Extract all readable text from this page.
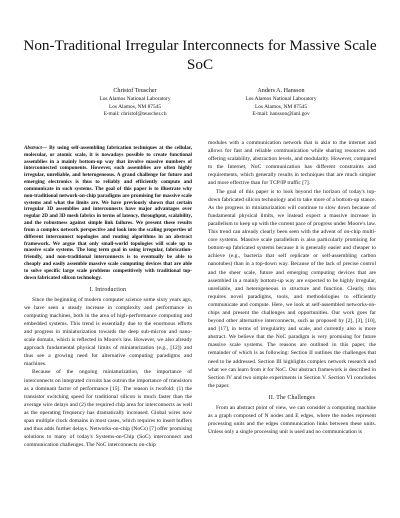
Non-Traditional Irregular Interconnects for Massive Scale SoC
Christof Teuscher
Los Alamos National Laboratory
Los Alamos, NM 87545
E-mail: christof@teuscher.ch
Anders A. Hansson
Los Alamos National Laboratory
Los Alamos, NM 87545
E-mail: hansson@lanl.gov

Abstract— By using self-assembling fabrication techniques at the cellular, molecular, or atomic scale, it is nowadays possible to create functional assemblies in a mainly bottom-up way that involve massive numbers of interconnected components. However, such assemblies are often highly irregular, unreliable, and heterogeneous. A grand challenge for future and emerging electronics is thus to reliably and efficiently compute and communicate in such systems. The goal of this paper is to illustrate why non-traditional network-on-chip paradigms are promising for massive scale systems and what the limits are. We have previously shown that certain irregular 3D assemblies and interconnects have major advantages over regular 2D and 3D mesh fabrics in terms of latency, throughput, scalability, and the robustness against simple link failures. We present these results from a complex network perspective and look into the scaling properties of different interconnect topologies and routing algorithms in an abstract framework. We argue that only small-world topologies will scale up to massive scale systems. The long term goal in using irregular, fabrication-friendly, and non-traditional interconnects is to eventually be able to cheaply and easily assemble massive scale computing devices that are able to solve specific large scale problems competitively with traditional top-down fabricated silicon technology.

I. Introduction

Since the beginning of modern computer science some sixty years ago, we have seen a steady increase in complexity and performance in computing machines, both in the area of high-performance computing and embedded systems. This trend is essentially due to the enormous efforts and progress in miniaturization towards the deep sub-micron and nano-scale domain, which is reflected in Moore's law. However, we also already approach fundamental physical limits of miniaturization (e.g., [12]) and thus see a growing need for alternative computing paradigms and machines.

Because of the ongoing miniaturization, the importance of interconnects on integrated circuits has outrun the importance of transistors as a dominant factor of performance [15]. The reason is twofold: (1) the transistor switching speed for traditional silicon is much faster than the average wire delays and (2) the required chip area for interconnects as well as the operating frequency has dramatically increased. Global wires now span multiple clock domains in most cases, which requires to insert buffers and thus adds further delays. Networks-on-chip (NoCs) [7] offer promising solutions to many of today's Systems-on-Chip (SoC) interconnect and communication challenges. The NoC interconnects on-chip

modules with a communication network that is akin to the internet and allows for fast and reliable communication while sharing resources and offering scalability, abstraction levels, and modularity. However, compared to the Internet, NoC communication has different constraints and requirements, which generally results in techniques that are much simpler and more effective than for TCP/IP traffic [7].

The goal of this paper is to look beyond the horizon of today's top-down fabricated silicon technology and to take more of a bottom-up stance. As the progress in miniaturization will continue to slow down because of fundamental physical limits, we instead expect a massive increase in parallelism to keep up with the current pace of progress under Moore's law. This trend can already clearly been seen with the advent of on-chip multi-core systems. Massive scale parallelism is also particularly promising for bottom-up fabricated systems because it is generally easier and cheaper to achieve (e.g., bacteria that self replicate or self-assembling carbon nanotubes) than in a top-down way. Because of the lack of precise control and the sheer scale, future and emerging computing devices that are assembled in a mainly bottom-up way are expected to be highly irregular, unreliable, and heterogeneous in structure and function. Clearly, this requires novel paradigms, tools, and methodologies to efficiently communicate and compute. Here, we look at self-assembled networks-on-chips and present the challenges and opportunities. Our work goes far beyond other alternative interconnects, such as proposed by [2], [3], [10], and [17], in terms of irregularity and scale, and currently also is more abstract. We believe that the NoC paradigm is very promising for future massive scale systems. The reasons are outlined in this paper, the remainder of which is as following: Section II outlines the challenges that need to be addressed. Section III highlights complex network research and what we can learn from it for NoC. Our abstract framework is described in Section IV and two simple experiments in Section V. Section VI concludes the paper.

II. The Challenges

From an abstract point of view, we can consider a computing machine as a graph composed of N nodes and E edges, where the nodes represent processing units and the edges communication links between these units. Unless only a single processing unit is used and no communication is
